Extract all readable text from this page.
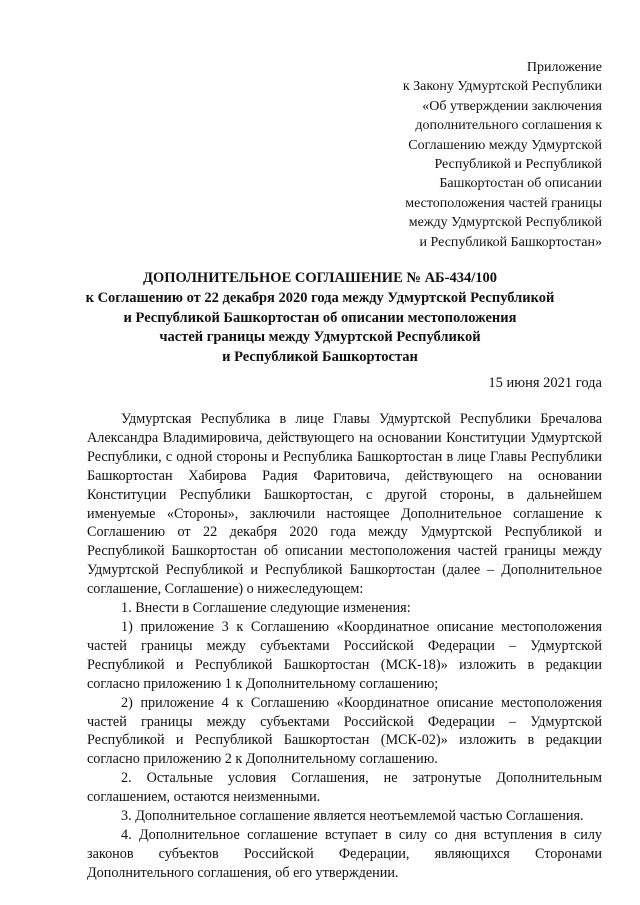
Приложение
к Закону Удмуртской Республики
«Об утверждении заключения
дополнительного соглашения к
Соглашению между Удмуртской
Республикой и Республикой
Башкортостан об описании
местоположения частей границы
между Удмуртской Республикой
и Республикой Башкортостан»
ДОПОЛНИТЕЛЬНОЕ СОГЛАШЕНИЕ № АБ-434/100
к Соглашению от 22 декабря 2020 года между Удмуртской Республикой
и Республикой Башкортостан об описании местоположения
частей границы между Удмуртской Республикой
и Республикой Башкортостан
15 июня 2021 года

Удмуртская Республика в лице Главы Удмуртской Республики Бречалова Александра Владимировича, действующего на основании Конституции Удмуртской Республики, с одной стороны и Республика Башкортостан в лице Главы Республики Башкортостан Хабирова Радия Фаритовича, действующего на основании Конституции Республики Башкортостан, с другой стороны, в дальнейшем именуемые «Стороны», заключили настоящее Дополнительное соглашение к Соглашению от 22 декабря 2020 года между Удмуртской Республикой и Республикой Башкортостан об описании местоположения частей границы между Удмуртской Республикой и Республикой Башкортостан (далее – Дополнительное соглашение, Соглашение) о нижеследующем:

1. Внести в Соглашение следующие изменения:

1) приложение 3 к Соглашению «Координатное описание местоположения частей границы между субъектами Российской Федерации – Удмуртской Республикой и Республикой Башкортостан (МСК-18)» изложить в редакции согласно приложению 1 к Дополнительному соглашению;

2) приложение 4 к Соглашению «Координатное описание местоположения частей границы между субъектами Российской Федерации – Удмуртской Республикой и Республикой Башкортостан (МСК-02)» изложить в редакции согласно приложению 2 к Дополнительному соглашению.

2. Остальные условия Соглашения, не затронутые Дополнительным соглашением, остаются неизменными.

3. Дополнительное соглашение является неотъемлемой частью Соглашения.

4. Дополнительное соглашение вступает в силу со дня вступления в силу законов субъектов Российской Федерации, являющихся Сторонами Дополнительного соглашения, об его утверждении.
